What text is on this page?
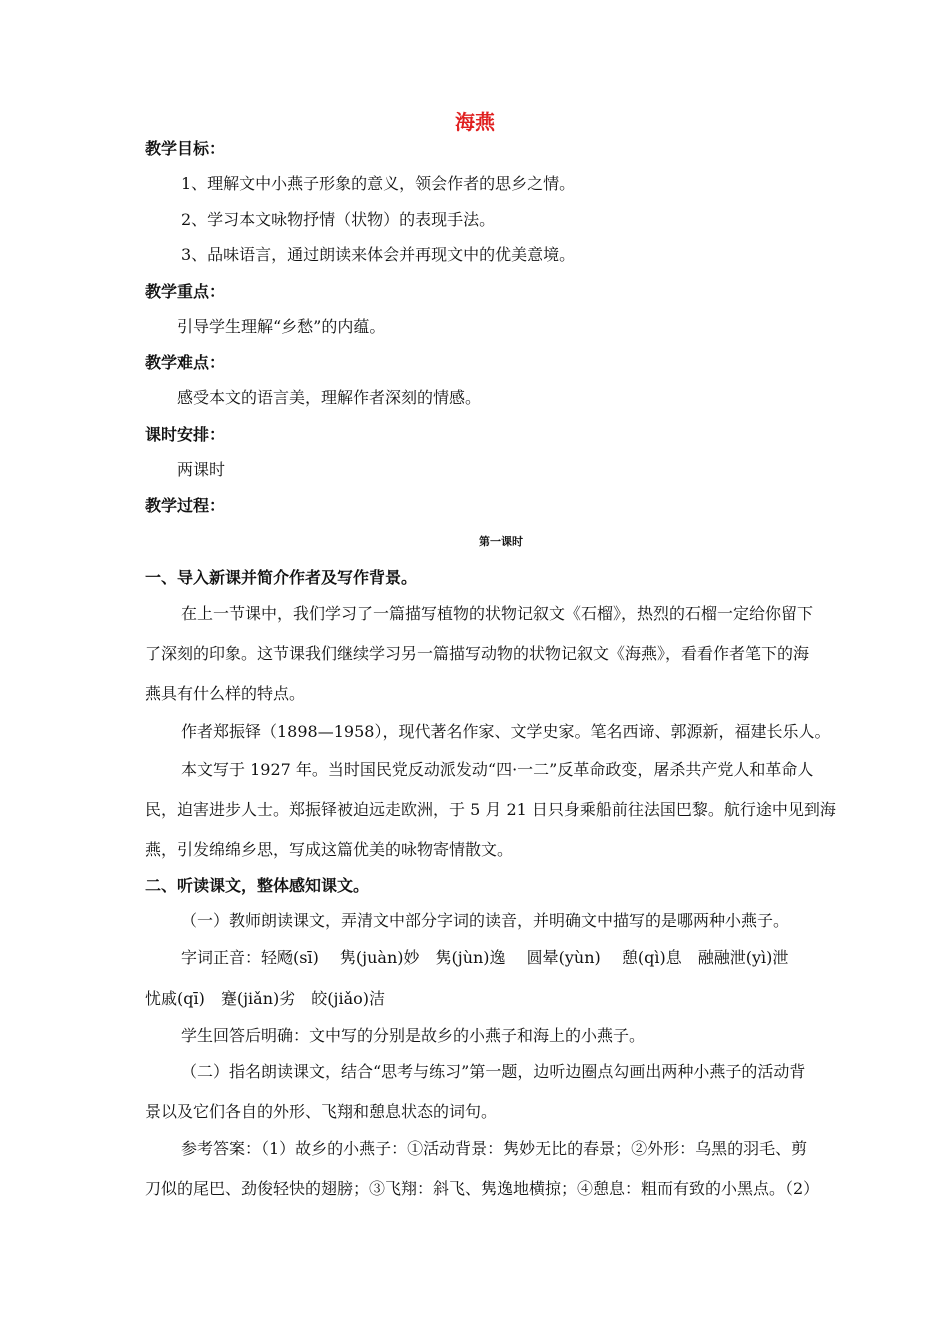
海燕
教学目标：
1、理解文中小燕子形象的意义，领会作者的思乡之情。
2、学习本文咏物抒情（状物）的表现手法。
3、品味语言，通过朗读来体会并再现文中的优美意境。
教学重点：
引导学生理解“乡愁”的内蕴。
教学难点：
感受本文的语言美，理解作者深刻的情感。
课时安排：
两课时
教学过程：
第一课时
一、导入新课并简介作者及写作背景。
在上一节课中，我们学习了一篇描写植物的状物记叙文《石榴》，热烈的石榴一定给你留下
了深刻的印象。这节课我们继续学习另一篇描写动物的状物记叙文《海燕》，看看作者笔下的海
燕具有什么样的特点。
作者郑振铎（1898—1958），现代著名作家、文学史家。笔名西谛、郭源新，福建长乐人。
本文写于 1927 年。当时国民党反动派发动“四·一二”反革命政变，屠杀共产党人和革命人
民，迫害进步人士。郑振铎被迫远走欧洲，于 5 月 21 日只身乘船前往法国巴黎。航行途中见到海
燕，引发绵绵乡思，写成这篇优美的咏物寄情散文。
二、听读课文，整体感知课文。
（一）教师朗读课文，弄清文中部分字词的读音，并明确文中描写的是哪两种小燕子。
字词正音：轻飏(sī)　 隽(juàn)妙　隽(jùn)逸　 圆晕(yùn)　 憩(qì)息　融融泄(yì)泄
忧戚(qī)　蹇(jiǎn)劣　皎(jiǎo)洁
学生回答后明确：文中写的分别是故乡的小燕子和海上的小燕子。
（二）指名朗读课文，结合“思考与练习”第一题，边听边圈点勾画出两种小燕子的活动背
景以及它们各自的外形、飞翔和憩息状态的词句。
参考答案：（1）故乡的小燕子：①活动背景：隽妙无比的春景；②外形：乌黑的羽毛、剪
刀似的尾巴、劲俊轻快的翅膀；③飞翔：斜飞、隽逸地横掠；④憩息：粗而有致的小黑点。（2）
